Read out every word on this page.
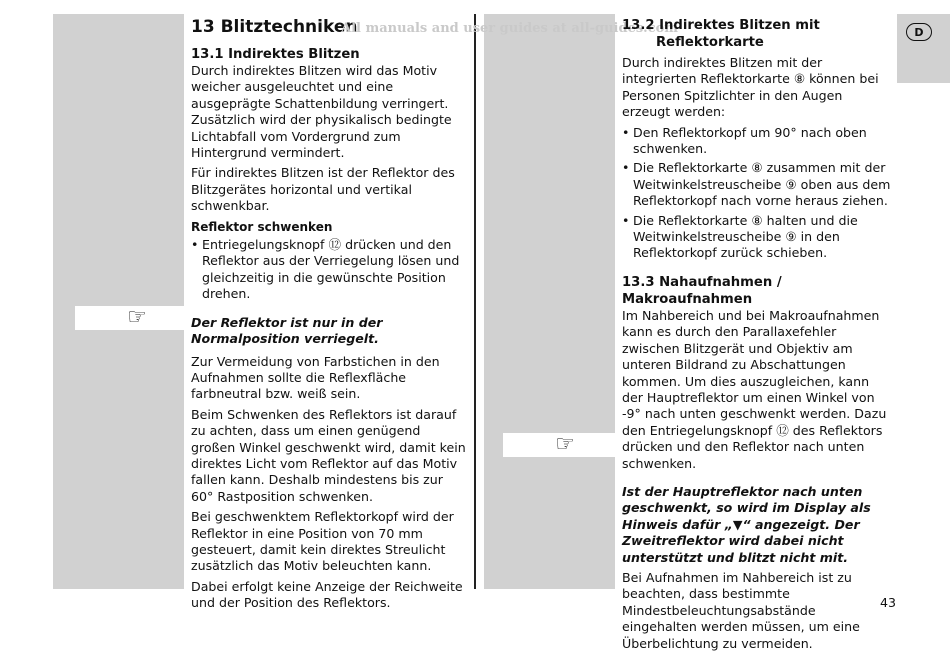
D
☞
☞
13 Blitztechniken
All manuals and user guides at all-guides.com
13.1 Indirektes Blitzen

Durch indirektes Blitzen wird das Motiv weicher ausgeleuchtet und eine ausgeprägte Schattenbildung verringert. Zusätzlich wird der physikalisch bedingte Lichtabfall vom Vordergrund zum Hintergrund vermindert.

Für indirektes Blitzen ist der Reflektor des Blitzgerätes horizontal und vertikal schwenkbar.

Reflektor schwenken
• Entriegelungsknopf ⑫ drücken und den Reflektor aus der Verriegelung lösen und gleichzeitig in die gewünschte Position drehen.

Der Reflektor ist nur in der Normalposition verriegelt.

Zur Vermeidung von Farbstichen in den Aufnahmen sollte die Reflexfläche farbneutral bzw. weiß sein.

Beim Schwenken des Reflektors ist darauf zu achten, dass um einen genügend großen Winkel geschwenkt wird, damit kein direktes Licht vom Reflektor auf das Motiv fallen kann. Deshalb mindestens bis zur 60° Rastposition schwenken.

Bei geschwenktem Reflektorkopf wird der Reflektor in eine Position von 70 mm gesteuert, damit kein direktes Streulicht zusätzlich das Motiv beleuchten kann.

Dabei erfolgt keine Anzeige der Reichweite und der Position des Reflektors.

13.2 Indirektes Blitzen mit
Reflektorkarte

Durch indirektes Blitzen mit der integrierten Reflektorkarte ⑧ können bei Personen Spitzlichter in den Augen erzeugt werden:

• Den Reflektorkopf um 90° nach oben schwenken.
• Die Reflektorkarte ⑧ zusammen mit der Weitwinkelstreuscheibe ⑨ oben aus dem Reflektorkopf nach vorne heraus ziehen.
• Die Reflektorkarte ⑧ halten und die Weitwinkelstreuscheibe ⑨ in den Reflektorkopf zurück schieben.
13.3 Nahaufnahmen / Makroaufnahmen

Im Nahbereich und bei Makroaufnahmen kann es durch den Parallaxefehler zwischen Blitzgerät und Objektiv am unteren Bildrand zu Abschattungen kommen. Um dies auszugleichen, kann der Hauptreflektor um einen Winkel von -9° nach unten geschwenkt werden. Dazu den Entriegelungsknopf ⑫ des Reflektors drücken und den Reflektor nach unten schwenken.

Ist der Hauptreflektor nach unten geschwenkt, so wird im Display als Hinweis dafür „▼“ angezeigt. Der Zweitreflektor wird dabei nicht unterstützt und blitzt nicht mit.

Bei Aufnahmen im Nahbereich ist zu beachten, dass bestimmte Mindestbeleuchtungsabstände eingehalten werden müssen, um eine Überbelichtung zu vermeiden.

43
